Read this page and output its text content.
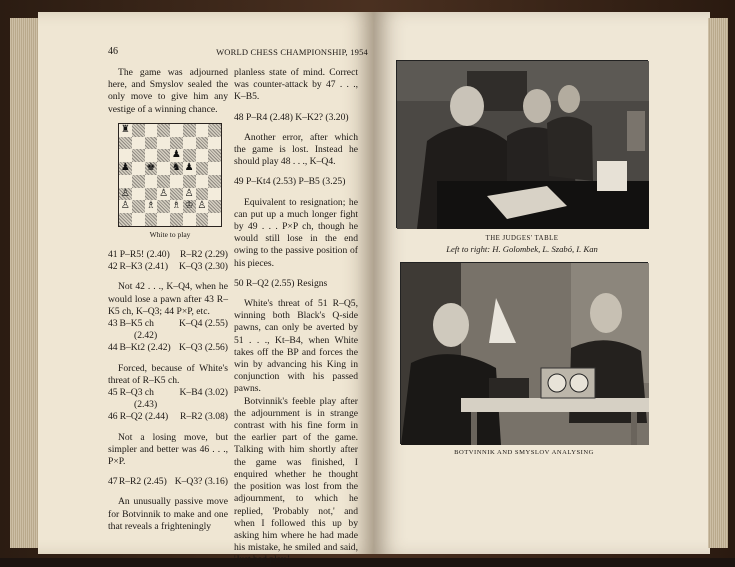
46	WORLD CHESS CHAMPIONSHIP, 1954

The game was adjourned here, and Smyslov sealed the only move to give him any vestige of a winning chance.

♜
♟
♟ ♚ ♞ ♟
♙	♙ ♙
♙ ♗ ♗ ♔ ♙
White to play
41 P–R5! (2.40)	R–R2 (2.29)
42 R–K3 (2.41)	K–Q3 (2.30)

Not 42 . . ., K–Q4, when he would lose a pawn after 43 R–K5 ch, K–Q3; 44 P×P, etc.

43 B–K5 ch	K–Q4 (2.55)
(2.42)
44 B–Kt2 (2.42) K–Q3 (2.56)

Forced, because of White's threat of R–K5 ch.

45 R–Q3 ch	K–B4 (3.02)
(2.43)
46 R–Q2 (2.44)	R–R2 (3.08)

Not a losing move, but simpler and better was 46 . . ., P×P.

47 R–R2 (2.45) K–Q3? (3.16)

An unusually passive move for Botvinnik to make and one that reveals a frighteningly

planless state of mind. Correct was counter-attack by 47 . . ., K–B5.

48 P–R4 (2.48) K–K2? (3.20)

Another error, after which the game is lost. Instead he should play 48 . . ., K–Q4.

49 P–Kt4 (2.53) P–B5 (3.25)

Equivalent to resignation; he can put up a much longer fight by 49 . . . P×P ch, though he would still lose in the end owing to the passive position of his pieces.

50 R–Q2 (2.55) Resigns

White's threat of 51 R–Q5, winning both Black's Q-side pawns, can only be averted by 51 . . ., Kt–B4, when White takes off the BP and forces the win by advancing his King in conjunction with his passed pawns.

Botvinnik's feeble play after the adjournment is in strange contrast with his fine form in the earlier part of the game. Talking with him shortly after the game was finished, I enquired whether he thought the position was lost from the adjournment, to which he replied, 'Probably not,' and when I followed this up by asking him where he had made his mistake, he smiled and said, 'Just bad play.'

THE JUDGES' TABLE
Left to right: H. Golombek, L. Szabó, I. Kan
BOTVINNIK AND SMYSLOV ANALYSING
